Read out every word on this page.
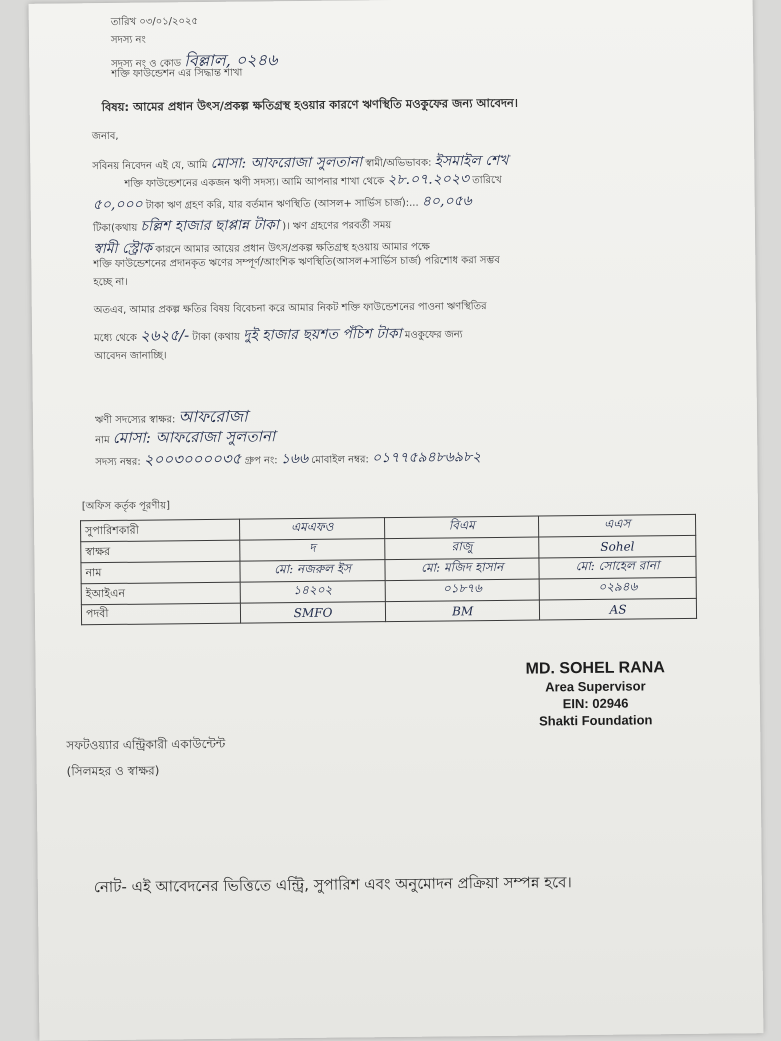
তারিখ ০৩/০১/২০২৫
সদস্য নং
সদস্য নং ও কোড বিল্লাল, ০২৪৬
শক্তি ফাউন্ডেশন এর সিদ্ধান্ত শাখা
বিষয়: আমের প্রধান উৎস/প্রকল্প ক্ষতিগ্রস্থ হওয়ার কারণে ঋণস্থিতি মওকুফের জন্য আবেদন।
জনাব,
সবিনয় নিবেদন এই যে, আমি মোসা: আফরোজা সুলতানা স্বামী/অভিভাবক: ইসমাইল শেখ
শক্তি ফাউন্ডেশনের একজন ঋণী সদস্য। আমি আপনার শাখা থেকে ২৮.০৭.২০২৩ তারিখে
৫০,০০০ টাকা ঋণ গ্রহণ করি, যার বর্তমান ঋণস্থিতি (আসল+ সার্ভিস চার্জ):... ৪০,০৫৬
টিকা(কথায় চল্লিশ হাজার ছাপ্পান্ন টাকা )। ঋণ গ্রহণের পরবর্তী সময়
স্বামী স্ট্রোক কারনে আমার আয়ের প্রধান উৎস/প্রকল্প ক্ষতিগ্রস্থ হওয়ায় আমার পক্ষে
শক্তি ফাউন্ডেশনের প্রদানকৃত ঋণের সম্পূর্ণ/আংশিক ঋণস্থিতি(আসল+সার্ভিস চার্জ) পরিশোধ করা সম্ভব
হচ্ছে না।
অতএব, আমার প্রকল্প ক্ষতির বিষয় বিবেচনা করে আমার নিকট শক্তি ফাউন্ডেশনের পাওনা ঋণস্থিতির
মধ্যে থেকে ২৬২৫/- টাকা (কথায় দুই হাজার ছয়শত পঁচিশ টাকা মওকুফের জন্য
আবেদন জানাচ্ছি।
ঋণী সদস্যের স্বাক্ষর: আফরোজা
নাম মোসা: আফরোজা সুলতানা
সদস্য নম্বর: ২০০৩০০০০৩৫ গ্রুপ নং: ১৬৬ মোবাইল নম্বর: ০১৭৭৫৯৪৮৬৯৮২
[অফিস কর্তৃক পূরণীয়]
সুপারিশকারী	এমএফও	বিএম	এএস
স্বাক্ষর	দ	রাজু	Sohel
নাম	মো: নজরুল ইস	মো: মজিদ হাসান	মো: সোহেল রানা
ইআইএন	১৪২০২	০১৮৭৬	০২৯৪৬
পদবী	SMFO	BM	AS
MD. SOHEL RANA
Area Supervisor
EIN: 02946
Shakti Foundation
সফটওয়্যার এন্ট্রিকারী একাউন্টেন্ট
(সিলমহর ও স্বাক্ষর)
নোট- এই আবেদনের ভিত্তিতে এন্ট্রি, সুপারিশ এবং অনুমোদন প্রক্রিয়া সম্পন্ন হবে।
